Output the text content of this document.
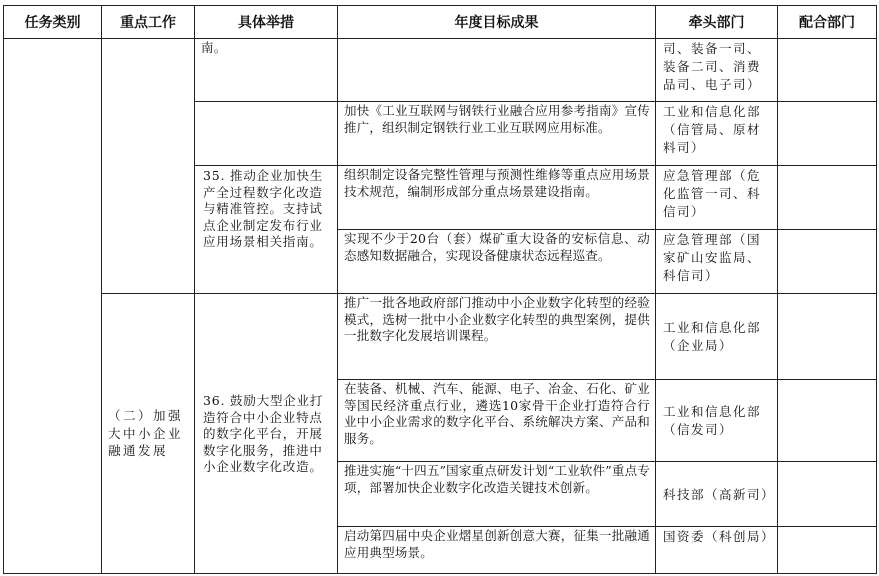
任务类别	重点工作	具体举措	年度目标成果	牵头部门	配合部门
		南。		司、装备一司、装备二司、消费品司、电子司）	
			加快《工业互联网与钢铁行业融合应用参考指南》宣传推广，组织制定钢铁行业工业互联网应用标准。	工业和信息化部（信管局、原材料司）	
		35. 推动企业加快生产全过程数字化改造与精准管控。支持试点企业制定发布行业应用场景相关指南。	组织制定设备完整性管理与预测性维修等重点应用场景技术规范，编制形成部分重点场景建设指南。	应急管理部（危化监管一司、科信司）	
			实现不少于20台（套）煤矿重大设备的安标信息、动态感知数据融合，实现设备健康状态远程巡查。	应急管理部（国家矿山安监局、科信司）	
	（二）加强大中小企业融通发展	36. 鼓励大型企业打造符合中小企业特点的数字化平台，开展数字化服务，推进中小企业数字化改造。	推广一批各地政府部门推动中小企业数字化转型的经验模式，选树一批中小企业数字化转型的典型案例，提供一批数字化发展培训课程。	工业和信息化部（企业局）	
			在装备、机械、汽车、能源、电子、冶金、石化、矿业等国民经济重点行业，遴选10家骨干企业打造符合行业中小企业需求的数字化平台、系统解决方案、产品和服务。	工业和信息化部（信发司）	
			推进实施“十四五”国家重点研发计划“工业软件”重点专项，部署加快企业数字化改造关键技术创新。	科技部（高新司）	
			启动第四届中央企业熠星创新创意大赛，征集一批融通应用典型场景。	国资委（科创局）	
